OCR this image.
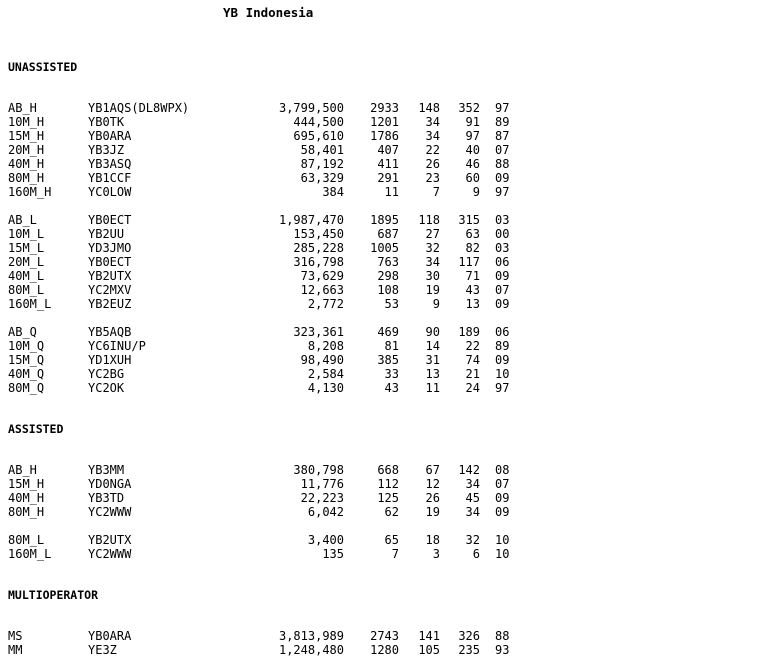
YB Indonesia
UNASSISTED
AB_H	YB1AQS(DL8WPX)	3,799,500 2933 148 352 97
10M_H	YB0TK	444,500 1201 34 91 89
15M_H	YB0ARA	695,610 1786 34 97 87
20M_H	YB3JZ	58,401	407 22 40 07
40M_H	YB3ASQ	87,192	411 26 46 88
80M_H	YB1CCF	63,329	291 23 60 09
160M_H	YC0LOW	384	11	7	9 97
AB_L	YB0ECT	1,987,470 1895 118 315 03
10M_L	YB2UU	153,450	687 27 63 00
15M_L	YD3JMO	285,228 1005 32 82 03
20M_L	YB0ECT	316,798	763 34 117 06
40M_L	YB2UTX	73,629	298 30 71 09
80M_L	YC2MXV	12,663	108 19 43 07
160M_L	YB2EUZ	2,772	53	9 13 09
AB_Q	YB5AQB	323,361	469 90 189 06
10M_Q	YC6INU/P	8,208	81 14 22 89
15M_Q	YD1XUH	98,490	385 31 74 09
40M_Q	YC2BG	2,584	33 13 21 10
80M_Q	YC2OK	4,130	43 11 24 97
ASSISTED
AB_H	YB3MM	380,798	668 67 142 08
15M_H	YD0NGA	11,776	112 12 34 07
40M_H	YB3TD	22,223	125 26 45 09
80M_H	YC2WWW	6,042	62 19 34 09
80M_L	YB2UTX	3,400	65 18 32 10
160M_L	YC2WWW	135	7	3	6 10
MULTIOPERATOR
MS	YB0ARA	3,813,989 2743 141 326 88
MM	YE3Z	1,248,480 1280 105 235 93
